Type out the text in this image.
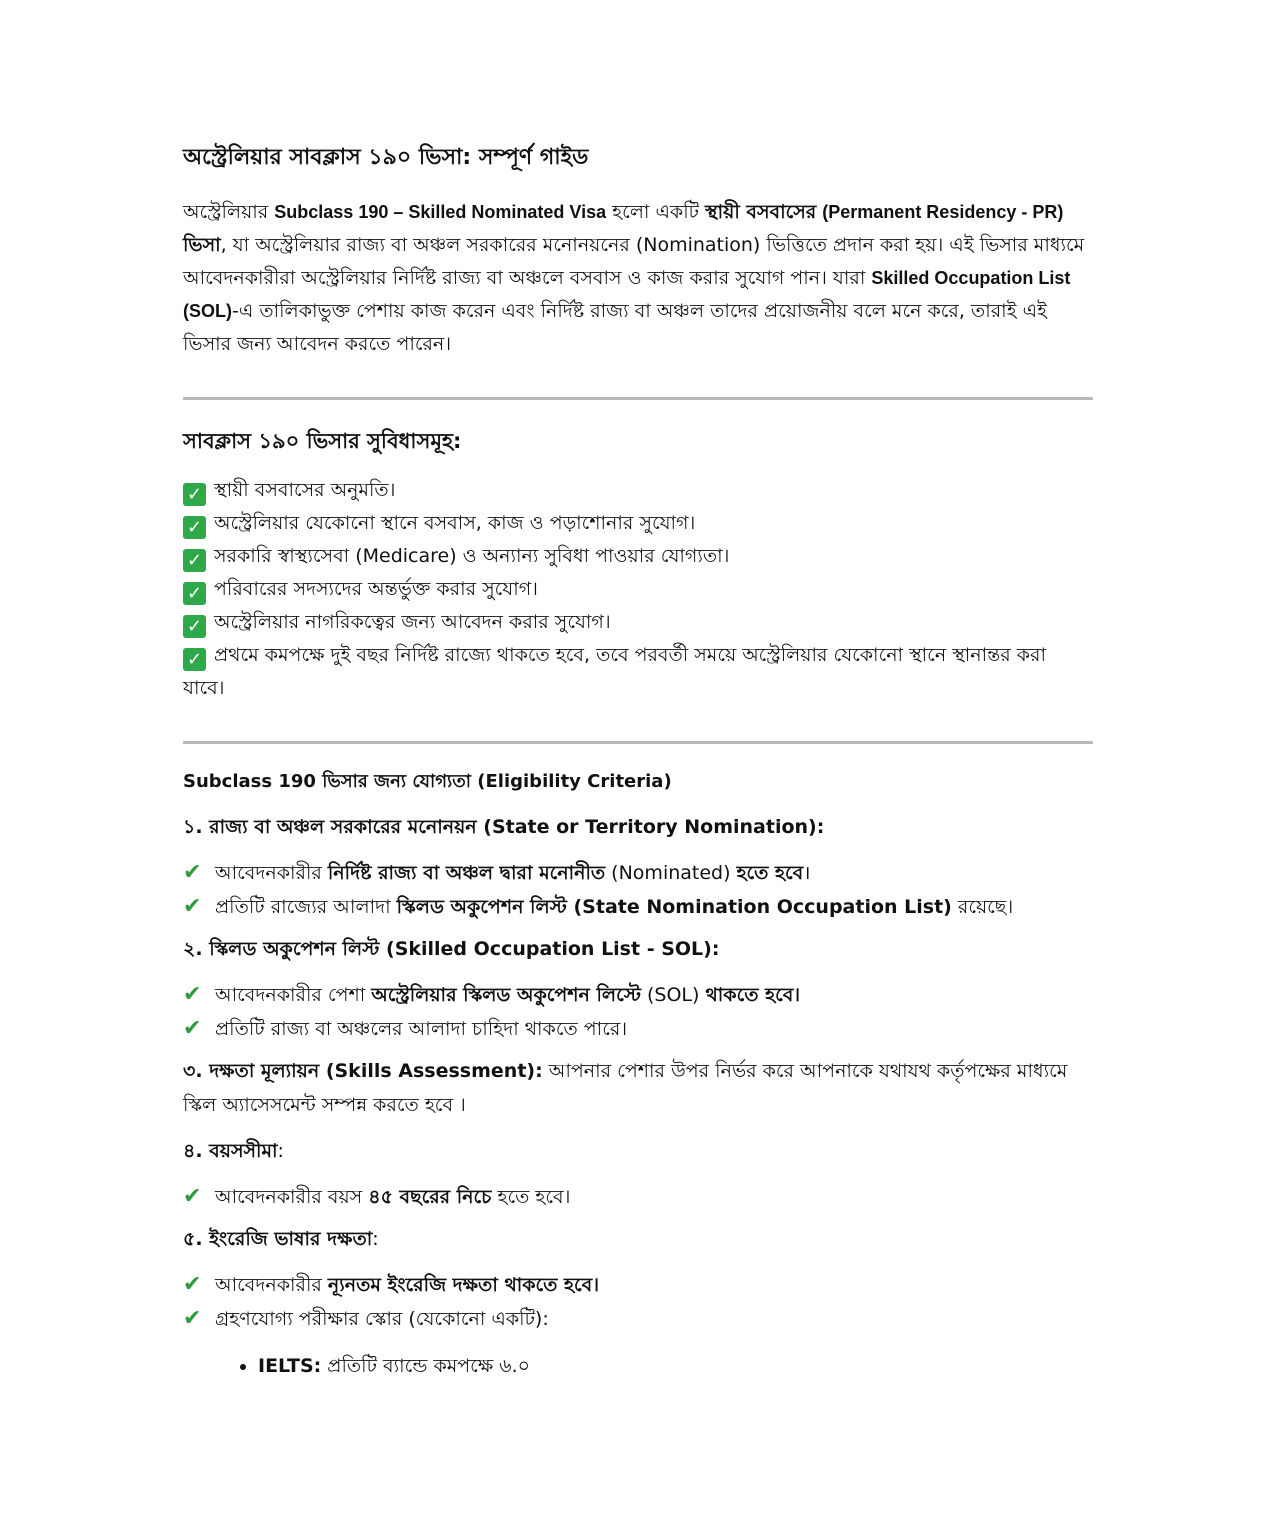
অস্ট্রেলিয়ার সাবক্লাস ১৯০ ভিসা: সম্পূর্ণ গাইড

অস্ট্রেলিয়ার Subclass 190 – Skilled Nominated Visa হলো একটি স্থায়ী বসবাসের (Permanent Residency - PR) ভিসা, যা অস্ট্রেলিয়ার রাজ্য বা অঞ্চল সরকারের মনোনয়নের (Nomination) ভিত্তিতে প্রদান করা হয়। এই ভিসার মাধ্যমে আবেদনকারীরা অস্ট্রেলিয়ার নির্দিষ্ট রাজ্য বা অঞ্চলে বসবাস ও কাজ করার সুযোগ পান। যারা Skilled Occupation List (SOL)-এ তালিকাভুক্ত পেশায় কাজ করেন এবং নির্দিষ্ট রাজ্য বা অঞ্চল তাদের প্রয়োজনীয় বলে মনে করে, তারাই এই ভিসার জন্য আবেদন করতে পারেন।

সাবক্লাস ১৯০ ভিসার সুবিধাসমূহ:
✓ স্থায়ী বসবাসের অনুমতি।
✓ অস্ট্রেলিয়ার যেকোনো স্থানে বসবাস, কাজ ও পড়াশোনার সুযোগ।
✓ সরকারি স্বাস্থ্যসেবা (Medicare) ও অন্যান্য সুবিধা পাওয়ার যোগ্যতা।
✓ পরিবারের সদস্যদের অন্তর্ভুক্ত করার সুযোগ।
✓ অস্ট্রেলিয়ার নাগরিকত্বের জন্য আবেদন করার সুযোগ।
✓ প্রথমে কমপক্ষে দুই বছর নির্দিষ্ট রাজ্যে থাকতে হবে, তবে পরবর্তী সময়ে অস্ট্রেলিয়ার যেকোনো স্থানে স্থানান্তর করা যাবে।
Subclass 190 ভিসার জন্য যোগ্যতা (Eligibility Criteria)
১. রাজ্য বা অঞ্চল সরকারের মনোনয়ন (State or Territory Nomination):
✔ আবেদনকারীর নির্দিষ্ট রাজ্য বা অঞ্চল দ্বারা মনোনীত (Nominated) হতে হবে।
✔ প্রতিটি রাজ্যের আলাদা স্কিলড অকুপেশন লিস্ট (State Nomination Occupation List) রয়েছে।
২. স্কিলড অকুপেশন লিস্ট (Skilled Occupation List - SOL):
✔ আবেদনকারীর পেশা অস্ট্রেলিয়ার স্কিলড অকুপেশন লিস্টে (SOL) থাকতে হবে।
✔ প্রতিটি রাজ্য বা অঞ্চলের আলাদা চাহিদা থাকতে পারে।
৩. দক্ষতা মূল্যায়ন (Skills Assessment): আপনার পেশার উপর নির্ভর করে আপনাকে যথাযথ কর্তৃপক্ষের মাধ্যমে স্কিল অ্যাসেসমেন্ট সম্পন্ন করতে হবে ।
৪. বয়সসীমা:
✔ আবেদনকারীর বয়স ৪৫ বছরের নিচে হতে হবে।
৫. ইংরেজি ভাষার দক্ষতা:
✔ আবেদনকারীর ন্যূনতম ইংরেজি দক্ষতা থাকতে হবে।
✔ গ্রহণযোগ্য পরীক্ষার স্কোর (যেকোনো একটি):
• IELTS: প্রতিটি ব্যান্ডে কমপক্ষে ৬.০
